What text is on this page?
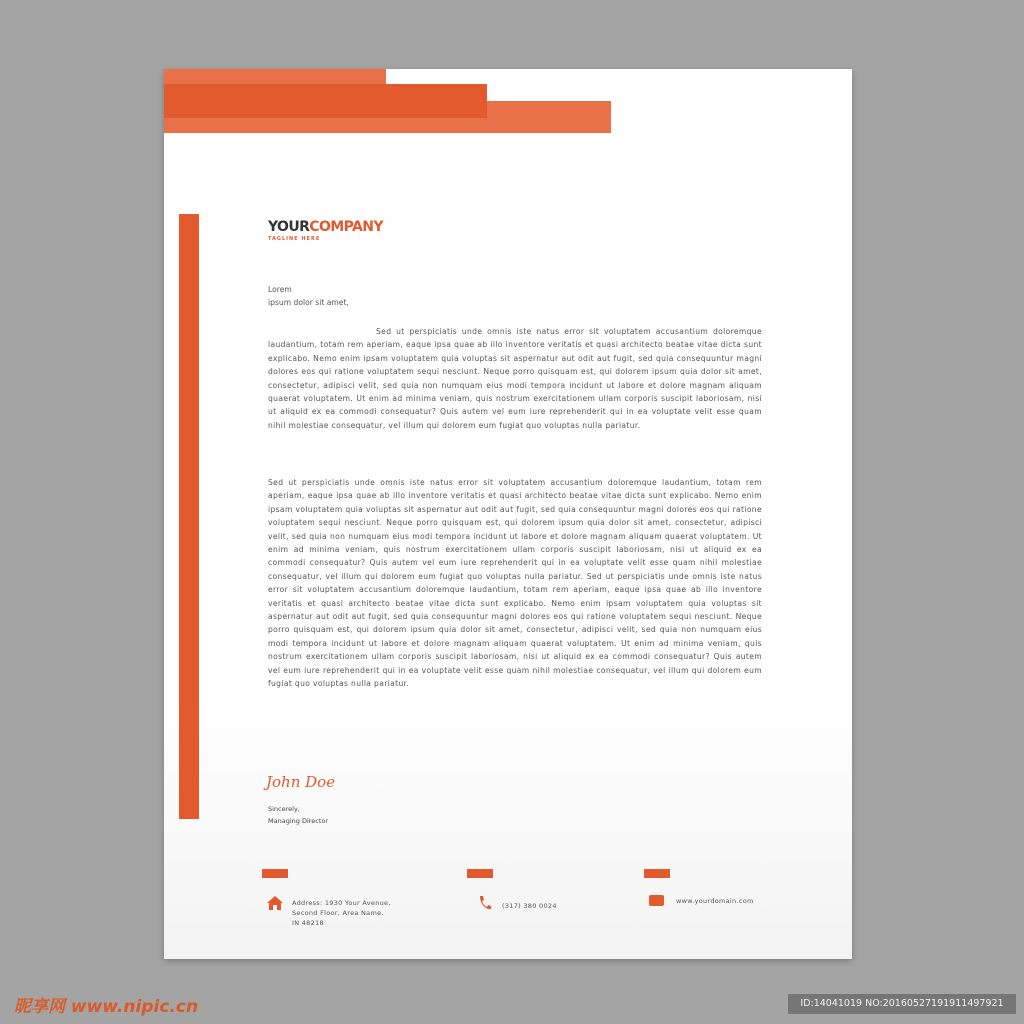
YOURCOMPANY
TAGLINE HERE
Lorem
ipsum dolor sit amet,
Sed ut perspiciatis unde omnis iste natus error sit voluptatem accusantium doloremque laudantium, totam rem aperiam, eaque ipsa quae ab illo inventore veritatis et quasi architecto beatae vitae dicta sunt explicabo. Nemo enim ipsam voluptatem quia voluptas sit aspernatur aut odit aut fugit, sed quia consequuntur magni dolores eos qui ratione voluptatem sequi nesciunt. Neque porro quisquam est, qui dolorem ipsum quia dolor sit amet, consectetur, adipisci velit, sed quia non numquam eius modi tempora incidunt ut labore et dolore magnam aliquam quaerat voluptatem. Ut enim ad minima veniam, quis nostrum exercitationem ullam corporis suscipit laboriosam, nisi ut aliquid ex ea commodi consequatur? Quis autem vel eum iure reprehenderit qui in ea voluptate velit esse quam nihil molestiae consequatur, vel illum qui dolorem eum fugiat quo voluptas nulla pariatur.
Sed ut perspiciatis unde omnis iste natus error sit voluptatem accusantium doloremque laudantium, totam rem aperiam, eaque ipsa quae ab illo inventore veritatis et quasi architecto beatae vitae dicta sunt explicabo. Nemo enim ipsam voluptatem quia voluptas sit aspernatur aut odit aut fugit, sed quia consequuntur magni dolores eos qui ratione voluptatem sequi nesciunt. Neque porro quisquam est, qui dolorem ipsum quia dolor sit amet, consectetur, adipisci velit, sed quia non numquam eius modi tempora incidunt ut labore et dolore magnam aliquam quaerat voluptatem. Ut enim ad minima veniam, quis nostrum exercitationem ullam corporis suscipit laboriosam, nisi ut aliquid ex ea commodi consequatur? Quis autem vel eum iure reprehenderit qui in ea voluptate velit esse quam nihil molestiae consequatur, vel illum qui dolorem eum fugiat quo voluptas nulla pariatur. Sed ut perspiciatis unde omnis iste natus error sit voluptatem accusantium doloremque laudantium, totam rem aperiam, eaque ipsa quae ab illo inventore veritatis et quasi architecto beatae vitae dicta sunt explicabo. Nemo enim ipsam voluptatem quia voluptas sit aspernatur aut odit aut fugit, sed quia consequuntur magni dolores eos qui ratione voluptatem sequi nesciunt. Neque porro quisquam est, qui dolorem ipsum quia dolor sit amet, consectetur, adipisci velit, sed quia non numquam eius modi tempora incidunt ut labore et dolore magnam aliquam quaerat voluptatem. Ut enim ad minima veniam, quis nostrum exercitationem ullam corporis suscipit laboriosam, nisi ut aliquid ex ea commodi consequatur? Quis autem vel eum iure reprehenderit qui in ea voluptate velit esse quam nihil molestiae consequatur, vel illum qui dolorem eum fugiat quo voluptas nulla pariatur.
John Doe
Sincerely,
Managing Director
Address: 1930 Your Avenue,
Second Floor, Area Name,
IN 48218
(317) 380 0024
www.yourdomain.com
昵享网 www.nipic.cn	ID:14041019 NO:20160527191911497921
